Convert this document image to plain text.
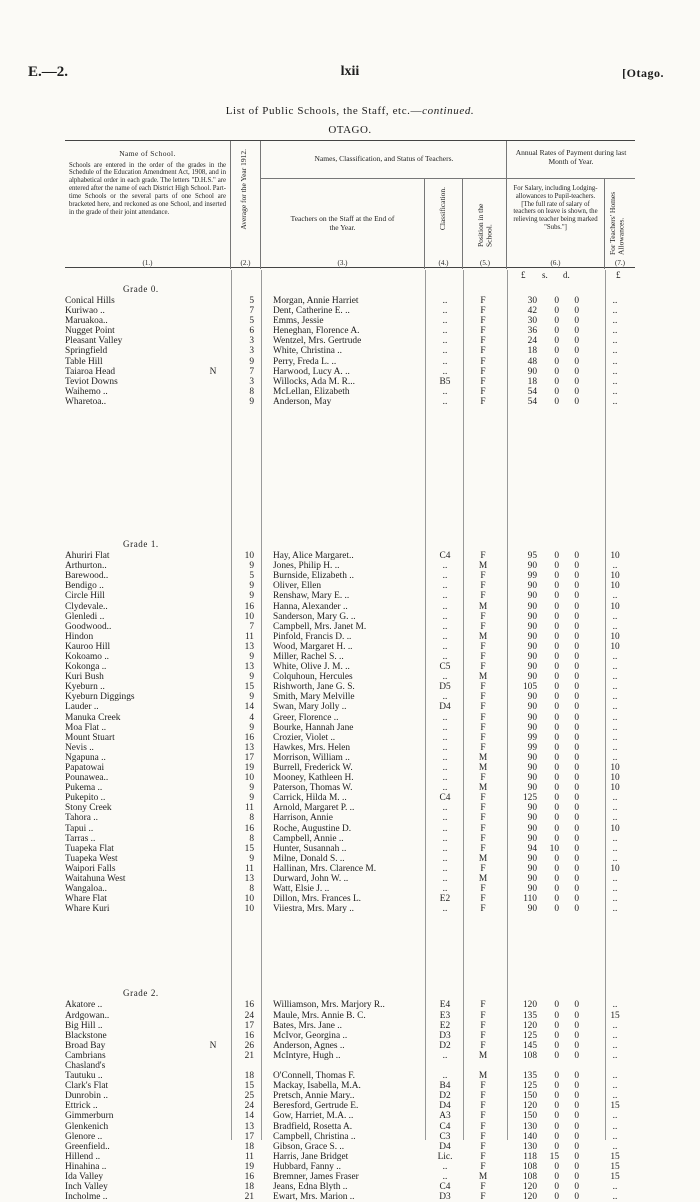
E.—2.	lxii	[Otago.
List of Public Schools, the Staff, etc.—continued.
OTAGO.
Name of School.
Schools are entered in the order of the grades in the Schedule of the Education Amendment Act, 1908, and in alphabetical order in each grade. The letters "D.H.S." are entered after the name of each District High School. Part-time Schools or the several parts of one School are bracketed here, and reckoned as one School, and inserted in the grade of their joint attendance.
(1.)
Average for the Year 1912.
(2.)
Names, Classification, and Status of Teachers.
Teachers on the Staff at the End of the Year.
(3.)
Classification.
(4.)
Position in the School.
(5.)
Annual Rates of Payment during last Month of Year.
For Salary, including Lodging-allowances to Pupil-teachers. [The full rate of salary of teachers on leave is shown, the relieving teacher being marked "Subs."]
(6.)
For Teachers' Homes Allowances.
(7.)
£ s. d.	£
Grade 0.
Conical Hills	5	Morgan, Annie Harriet	..	F	30	0	0	..
Kuriwao ..	7	Dent, Catherine E. ..	..	F	42	0	0	..
Maruakoa..	5	Emms, Jessie	..	F	30	0	0	..
Nugget Point	6	Heneghan, Florence A.	..	F	36	0	0	..
Pleasant Valley	3	Wentzel, Mrs. Gertrude	..	F	24	0	0	..
Springfield	3	White, Christina ..	..	F	18	0	0	..
Table Hill	9	Perry, Freda L. ..	..	F	48	0	0	..
Taiaroa Head	N	7	Harwood, Lucy A. ..	..	F	90	0	0	..
Teviot Downs	3	Willocks, Ada M. R...	B5	F	18	0	0	..
Waihemo ..	8	McLellan, Elizabeth	..	F	54	0	0	..
Wharetoa..	9	Anderson, May	..	F	54	0	0	..
Grade 1.
Ahuriri Flat	10	Hay, Alice Margaret..	C4	F	95	0	0	10
Arthurton..	9	Jones, Philip H. ..	..	M	90	0	0	..
Barewood..	5	Burnside, Elizabeth ..	..	F	99	0	0	10
Bendigo ..	9	Oliver, Ellen	..	F	90	0	0	10
Circle Hill	9	Renshaw, Mary E. ..	..	F	90	0	0	..
Clydevale..	16	Hanna, Alexander ..	..	M	90	0	0	10
Glenledi ..	10	Sanderson, Mary G. ..	..	F	90	0	0	..
Goodwood..	7	Campbell, Mrs. Janet M.	..	F	90	0	0	..
Hindon	11	Pinfold, Francis D. ..	..	M	90	0	0	10
Kauroo Hill	13	Wood, Margaret H. ..	..	F	90	0	0	10
Kokoamo ..	9	Miller, Rachel S. ..	..	F	90	0	0	..
Kokonga ..	13	White, Olive J. M. ..	C5	F	90	0	0	..
Kuri Bush	9	Colquhoun, Hercules	..	M	90	0	0	..
Kyeburn ..	15	Rishworth, Jane G. S.	D5	F	105	0	0	..
Kyeburn Diggings	9	Smith, Mary Melville	..	F	90	0	0	..
Lauder ..	14	Swan, Mary Jolly ..	D4	F	90	0	0	..
Manuka Creek	4	Greer, Florence ..	..	F	90	0	0	..
Moa Flat ..	9	Bourke, Hannah Jane	..	F	90	0	0	..
Mount Stuart	16	Crozier, Violet ..	..	F	99	0	0	..
Nevis ..	13	Hawkes, Mrs. Helen	..	F	99	0	0	..
Ngapuna ..	17	Morrison, William ..	..	M	90	0	0	..
Papatowai	19	Burrell, Frederick W.	..	M	90	0	0	10
Pounawea..	10	Mooney, Kathleen H.	..	F	90	0	0	10
Pukema ..	9	Paterson, Thomas W.	..	M	90	0	0	10
Pukepito ..	9	Carrick, Hilda M. ..	C4	F	125	0	0	..
Stony Creek	11	Arnold, Margaret P. ..	..	F	90	0	0	..
Tahora ..	8	Harrison, Annie	..	F	90	0	0	..
Tapui ..	16	Roche, Augustine D.	..	F	90	0	0	10
Tarras ..	8	Campbell, Annie ..	..	F	90	0	0	..
Tuapeka Flat	15	Hunter, Susannah ..	..	F	94	10	0	..
Tuapeka West	9	Milne, Donald S. ..	..	M	90	0	0	..
Waipori Falls	11	Hallinan, Mrs. Clarence M.	..	F	90	0	0	10
Waitahuna West	13	Durward, John W. ..	..	M	90	0	0	..
Wangaloa..	8	Watt, Elsie J. ..	..	F	90	0	0	..
Whare Flat	10	Dillon, Mrs. Frances L.	E2	F	110	0	0	..
Whare Kuri	10	Viiestra, Mrs. Mary ..	..	F	90	0	0	..
Grade 2.
Akatore ..	16	Williamson, Mrs. Marjory R..	E4	F	120	0	0	..
Ardgowan..	24	Maule, Mrs. Annie B. C.	E3	F	135	0	0	15
Big Hill ..	17	Bates, Mrs. Jane ..	E2	F	120	0	0	..
Blackstone	16	McIvor, Georgina ..	D3	F	125	0	0	..
Broad Bay	N	26	Anderson, Agnes ..	D2	F	145	0	0	..
Cambrians	21	McIntyre, Hugh ..	..	M	108	0	0	..
Chasland's
Tautuku ..	18	O'Connell, Thomas F.	..	M	135	0	0	..
Clark's Flat	15	Mackay, Isabella, M.A.	B4	F	125	0	0	..
Dunrobin ..	25	Pretsch, Annie Mary..	D2	F	150	0	0	..
Ettrick ..	24	Beresford, Gertrude E.	D4	F	120	0	0	15
Gimmerburn	14	Gow, Harriet, M.A. ..	A3	F	150	0	0	..
Glenkenich	13	Bradfield, Rosetta A.	C4	F	130	0	0	..
Glenore ..	17	Campbell, Christina ..	C3	F	140	0	0	..
Greenfield..	18	Gibson, Grace S. ..	D4	F	130	0	0	..
Hillend ..	11	Harris, Jane Bridget	Lic.	F	118	15	0	15
Hinahina ..	19	Hubbard, Fanny ..	..	F	108	0	0	15
Ida Valley	16	Bremner, James Fraser	..	M	108	0	0	15
Inch Valley	18	Jeans, Edna Blyth ..	C4	F	120	0	0	..
Incholme ..	21	Ewart, Mrs. Marion ..	D3	F	120	0	0	..
